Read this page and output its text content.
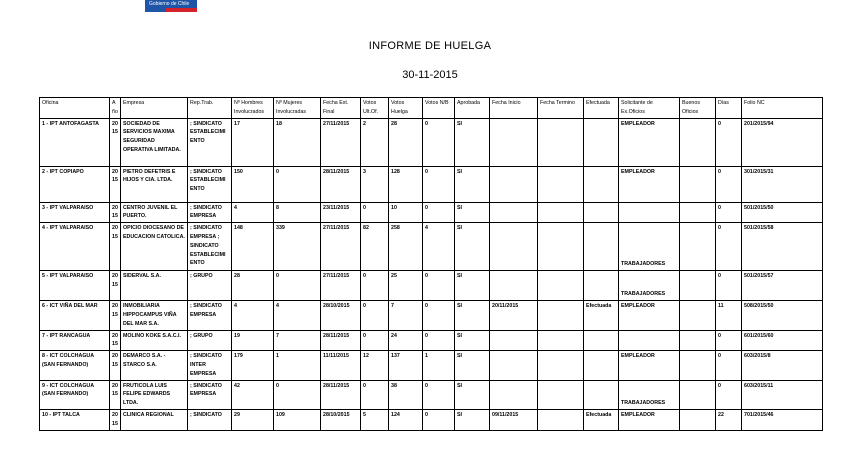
Gobierno de Chile
INFORME DE HUELGA
30-11-2015
Oficina	Año	Empresa	Rep.Trab.	Nº Hombres Involucrados	Nº Mujeres Involucradas	Fecha Ext. Final	Votos Ult.Of.	Votos Huelga	Votos N/B	Aprobada	Fecha Inicio	Fecha Termino	Efectuada	Solicitante de Ex.Oficios	Buenos Oficios	Días	Folio NC
1 - IPT ANTOFAGASTA	2015	SOCIEDAD DE SERVICIOS MAXIMA SEGURIDAD OPERATIVA LIMITADA.	; SINDICATO ESTABLECIMIENTO	17	18	27/11/2015	2	28	0	SI				EMPLEADOR		0	201/2015/94
2 - IPT COPIAPO	2015	PIETRO DEFETRIS E HIJOS Y CIA. LTDA.	; SINDICATO ESTABLECIMIENTO	150	0	28/11/2015	3	128	0	SI				EMPLEADOR		0	301/2015/31
3 - IPT VALPARAISO	2015	CENTRO JUVENIL EL PUERTO.	; SINDICATO EMPRESA	4	8	23/11/2015	0	10	0	SI						0	501/2015/50
4 - IPT VALPARAISO	2015	OPICIO DIOCESANO DE EDUCACION CATOLICA.	; SINDICATO EMPRESA ; SINDICATO ESTABLECIMIENTO	148	339	27/11/2015	82	258	4	SI				TRABAJADORES		0	501/2015/58
5 - IPT VALPARAISO	2015	SIDERVAL S.A.	; GRUPO	28	0	27/11/2015	0	25	0	SI				TRABAJADORES		0	501/2015/57
6 - ICT VIÑA DEL MAR	2015	INMOBILIARIA HIPPOCAMPUS VIÑA DEL MAR S.A.	; SINDICATO EMPRESA	4	4	28/10/2015	0	7	0	SI	20/11/2015		Efectuada	EMPLEADOR		11	508/2015/50
7 - IPT RANCAGUA	2015	MOLINO KOKE S.A.C.I.	; GRUPO	19	7	28/11/2015	0	24	0	SI						0	601/2015/60
8 - ICT COLCHAGUA (SAN FERNANDO)	2015	DEMARCO S.A. - STARCO S.A.	; SINDICATO INTER EMPRESA	179	1	11/11/2015	12	137	1	SI				EMPLEADOR		0	603/2015/8
9 - ICT COLCHAGUA (SAN FERNANDO)	2015	FRUTICOLA LUIS FELIPE EDWARDS LTDA.	; SINDICATO EMPRESA	42	0	28/11/2015	0	38	0	SI				TRABAJADORES		0	603/2015/11
10 - IPT TALCA	2015	CLINICA REGIONAL	; SINDICATO	29	109	28/10/2015	5	124	0	SI	09/11/2015		Efectuada	EMPLEADOR		22	701/2015/46
